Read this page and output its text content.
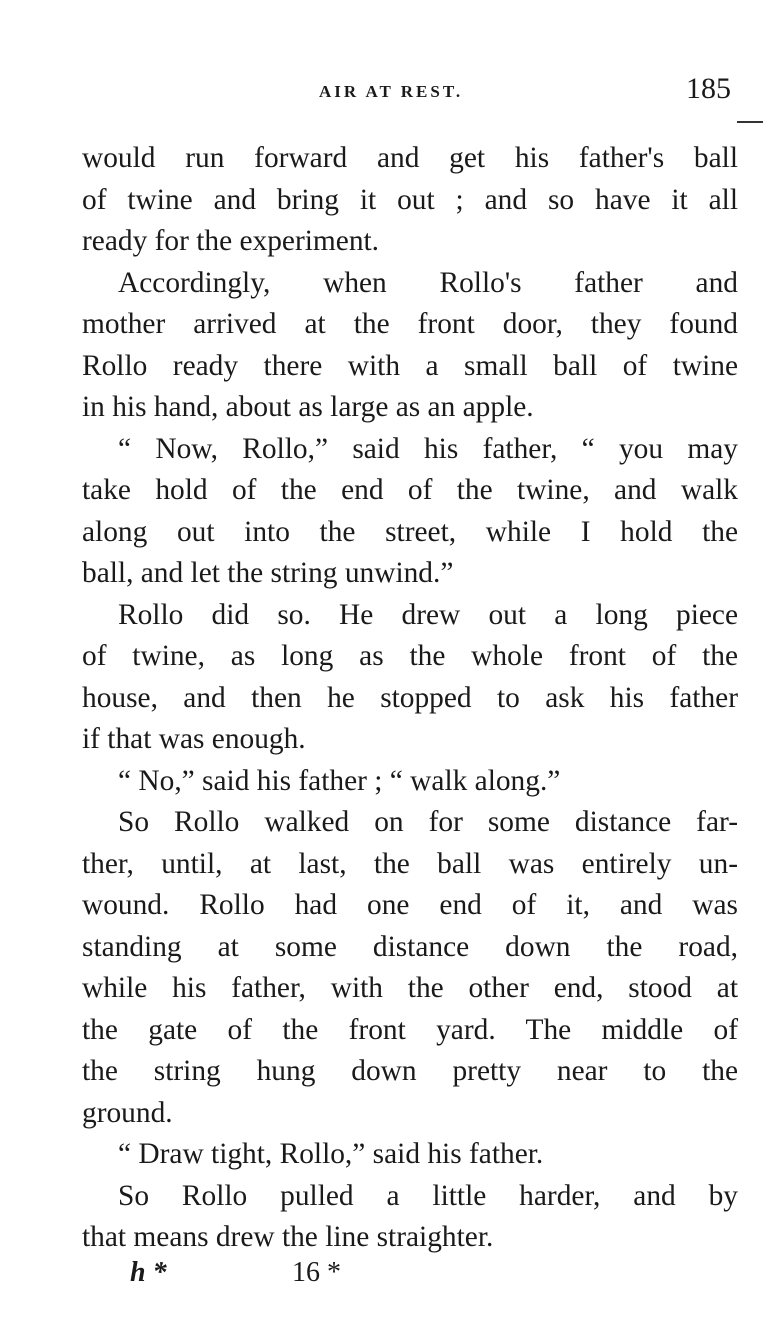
AIR AT REST.	185
would run forward and get his father's ball
of twine and bring it out ; and so have it all
ready for the experiment.
Accordingly, when Rollo's father and
mother arrived at the front door, they found
Rollo ready there with a small ball of twine
in his hand, about as large as an apple.
“ Now, Rollo,” said his father, “ you may
take hold of the end of the twine, and walk
along out into the street, while I hold the
ball, and let the string unwind.”
Rollo did so. He drew out a long piece
of twine, as long as the whole front of the
house, and then he stopped to ask his father
if that was enough.
“ No,” said his father ; “ walk along.”
So Rollo walked on for some distance far-
ther, until, at last, the ball was entirely un-
wound. Rollo had one end of it, and was
standing at some distance down the road,
while his father, with the other end, stood at
the gate of the front yard. The middle of
the string hung down pretty near to the
ground.
“ Draw tight, Rollo,” said his father.
So Rollo pulled a little harder, and by
that means drew the line straighter.
h *	16 *
